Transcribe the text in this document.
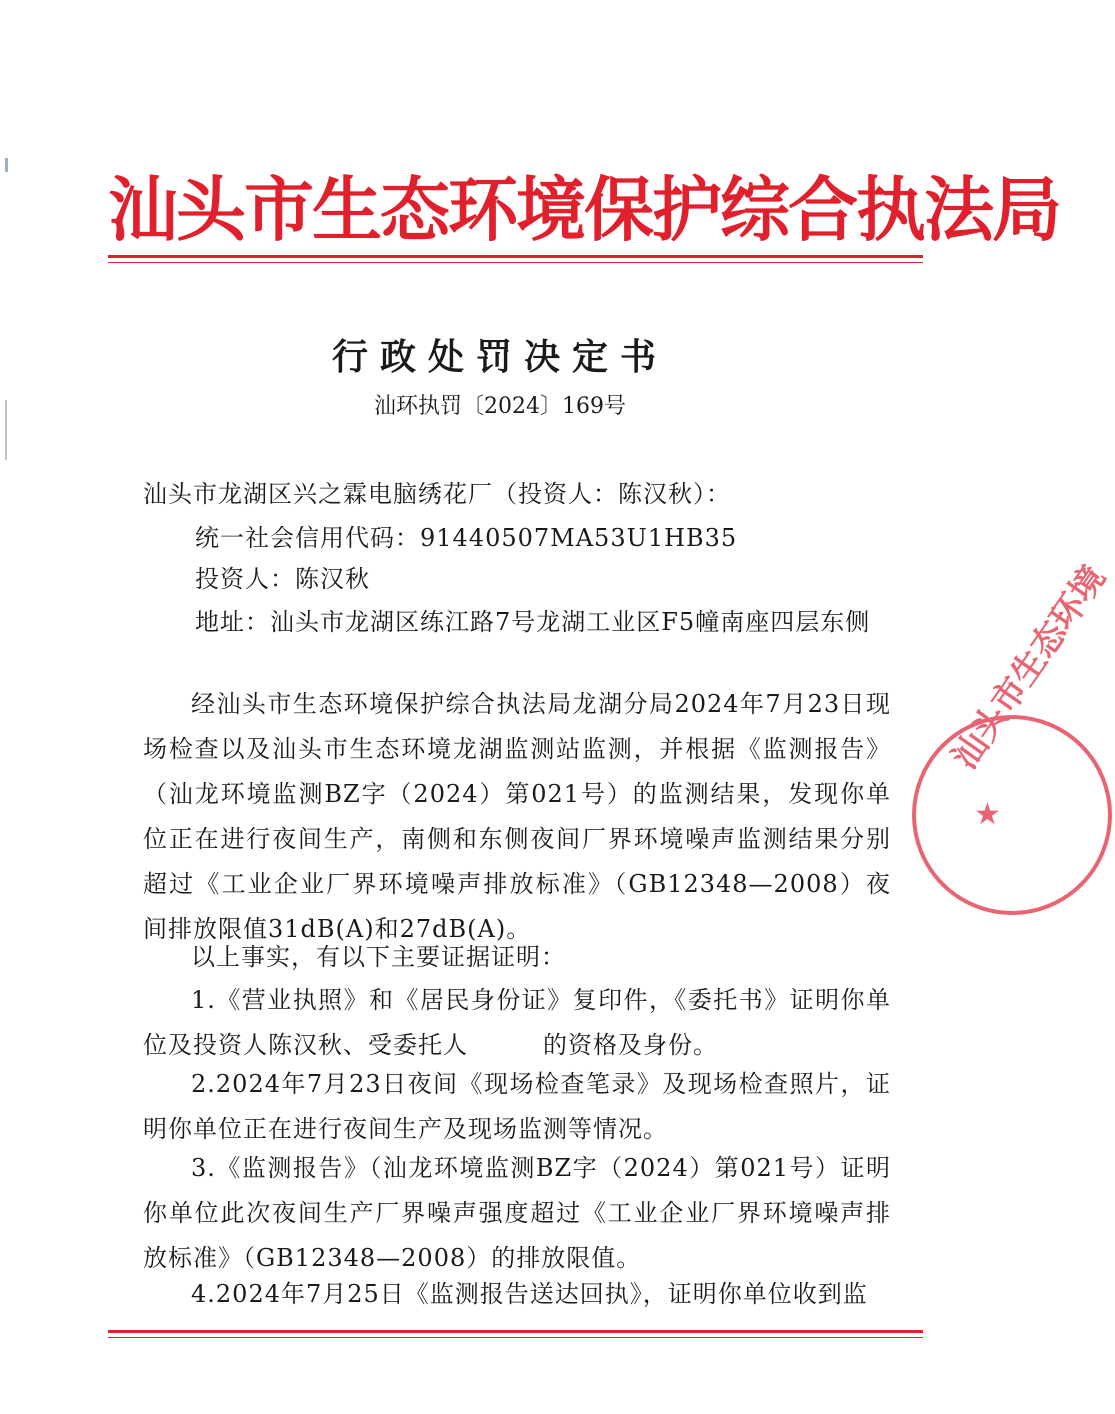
汕头市生态环境保护综合执法局
行政处罚决定书
汕环执罚〔2024〕169号
汕头市龙湖区兴之霖电脑绣花厂（投资人：陈汉秋）：
统一社会信用代码：91440507MA53U1HB35
投资人：陈汉秋
地址：汕头市龙湖区练江路7号龙湖工业区F5幢南座四层东侧
经汕头市生态环境保护综合执法局龙湖分局2024年7月23日现场检查以及汕头市生态环境龙湖监测站监测，并根据《监测报告》（汕龙环境监测BZ字（2024）第021号）的监测结果，发现你单位正在进行夜间生产，南侧和东侧夜间厂界环境噪声监测结果分别超过《工业企业厂界环境噪声排放标准》（GB12348—2008）夜间排放限值31dB(A)和27dB(A)。
以上事实，有以下主要证据证明：
1.《营业执照》和《居民身份证》复印件，《委托书》证明你单位及投资人陈汉秋、受委托人　　　的资格及身份。
2.2024年7月23日夜间《现场检查笔录》及现场检查照片，证明你单位正在进行夜间生产及现场监测等情况。
3.《监测报告》（汕龙环境监测BZ字（2024）第021号）证明你单位此次夜间生产厂界噪声强度超过《工业企业厂界环境噪声排放标准》（GB12348—2008）的排放限值。
4.2024年7月25日《监测报告送达回执》，证明你单位收到监
汕头市生态环境
★
